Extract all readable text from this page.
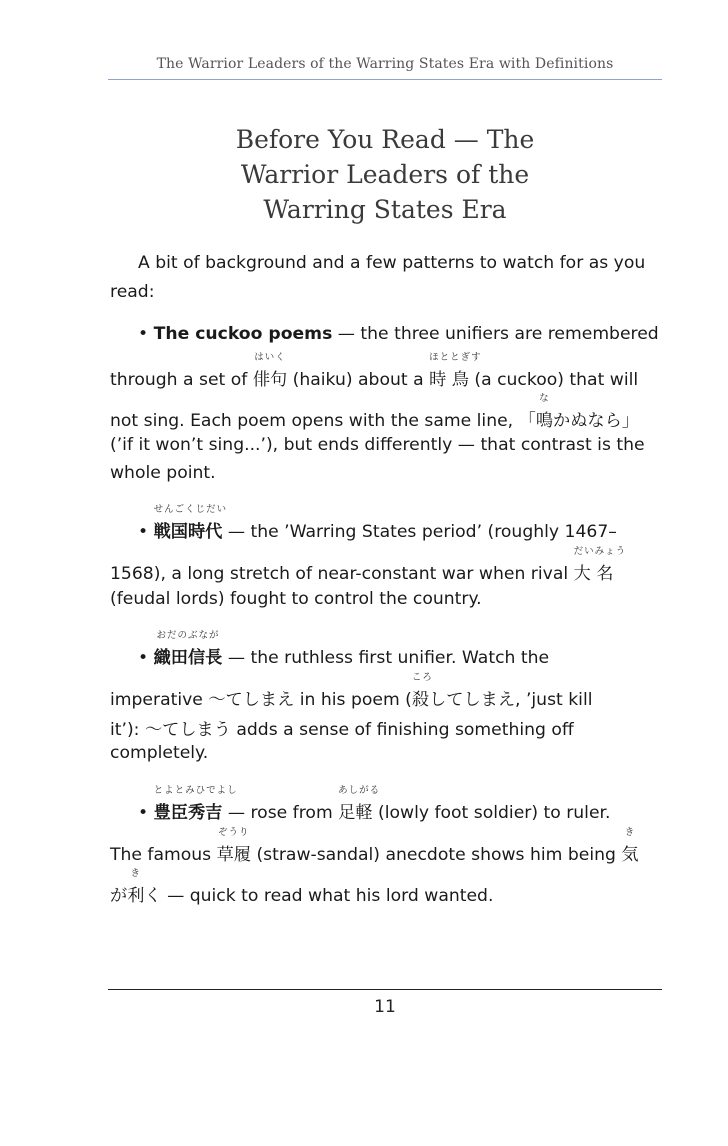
The Warrior Leaders of the Warring States Era with Definitions
Before You Read — The
Warrior Leaders of the
Warring States Era
A bit of background and a few patterns to watch for as you
read:
• The cuckoo poems — the three unifiers are remembered
through a set of
はいく
俳句 (haiku) about a
ほととぎす
時 鳥 (a cuckoo) that will
not sing. Each poem opens with the same line, 「
な
鳴かぬなら」
(’if it won’t sing...’), but ends differently — that contrast is the
whole point.
•
せんごくじだい
戦国時代 — the ’Warring States period’ (roughly 1467–
1568), a long stretch of near-constant war when rival
だいみょう
大 名
(feudal lords) fought to control the country.
•
おだのぶなが
織田信長 — the ruthless first unifier. Watch the
imperative 〜てしまえ in his poem (
ころ
殺してしまえ, ’just kill
it’): 〜てしまう adds a sense of finishing something off
completely.
•
とよとみひでよし
豊臣秀吉 — rose from
あしがる
足軽 (lowly foot soldier) to ruler.
The famous
ぞうり
草履 (straw-sandal) anecdote shows him being
き
気
が
き
利く — quick to read what his lord wanted.
11
